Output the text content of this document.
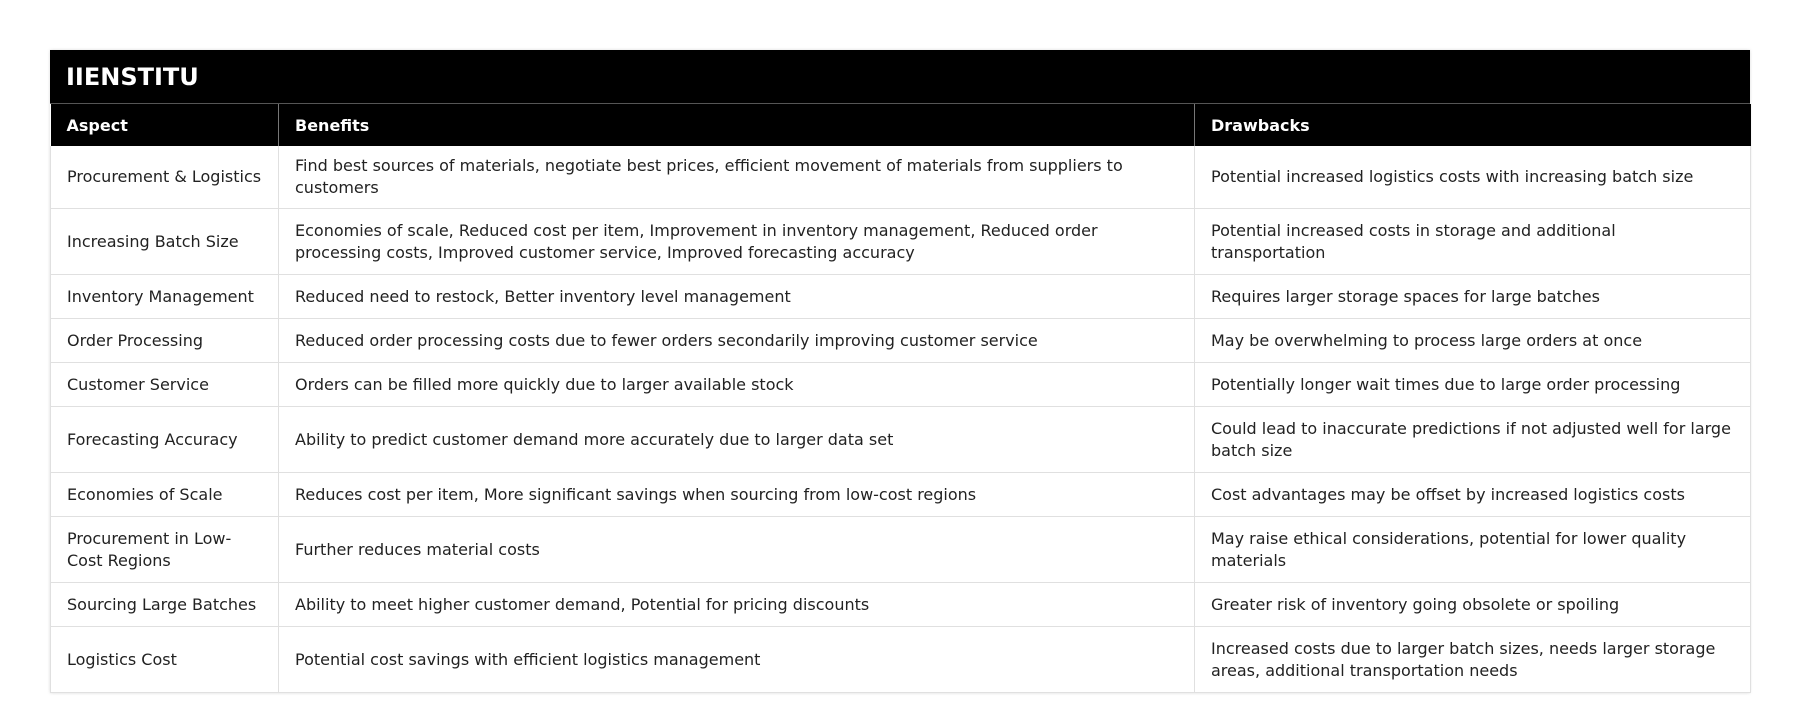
IIENSTITU
Aspect	Benefits	Drawbacks
Procurement & Logistics	Find best sources of materials, negotiate best prices, efficient movement of materials from suppliers to customers	Potential increased logistics costs with increasing batch size
Increasing Batch Size	Economies of scale, Reduced cost per item, Improvement in inventory management, Reduced order processing costs, Improved customer service, Improved forecasting accuracy	Potential increased costs in storage and additional transportation
Inventory Management	Reduced need to restock, Better inventory level management	Requires larger storage spaces for large batches
Order Processing	Reduced order processing costs due to fewer orders secondarily improving customer service	May be overwhelming to process large orders at once
Customer Service	Orders can be filled more quickly due to larger available stock	Potentially longer wait times due to large order processing
Forecasting Accuracy	Ability to predict customer demand more accurately due to larger data set	Could lead to inaccurate predictions if not adjusted well for large batch size
Economies of Scale	Reduces cost per item, More significant savings when sourcing from low-cost regions	Cost advantages may be offset by increased logistics costs
Procurement in Low-Cost Regions	Further reduces material costs	May raise ethical considerations, potential for lower quality materials
Sourcing Large Batches	Ability to meet higher customer demand, Potential for pricing discounts	Greater risk of inventory going obsolete or spoiling
Logistics Cost	Potential cost savings with efficient logistics management	Increased costs due to larger batch sizes, needs larger storage areas, additional transportation needs
